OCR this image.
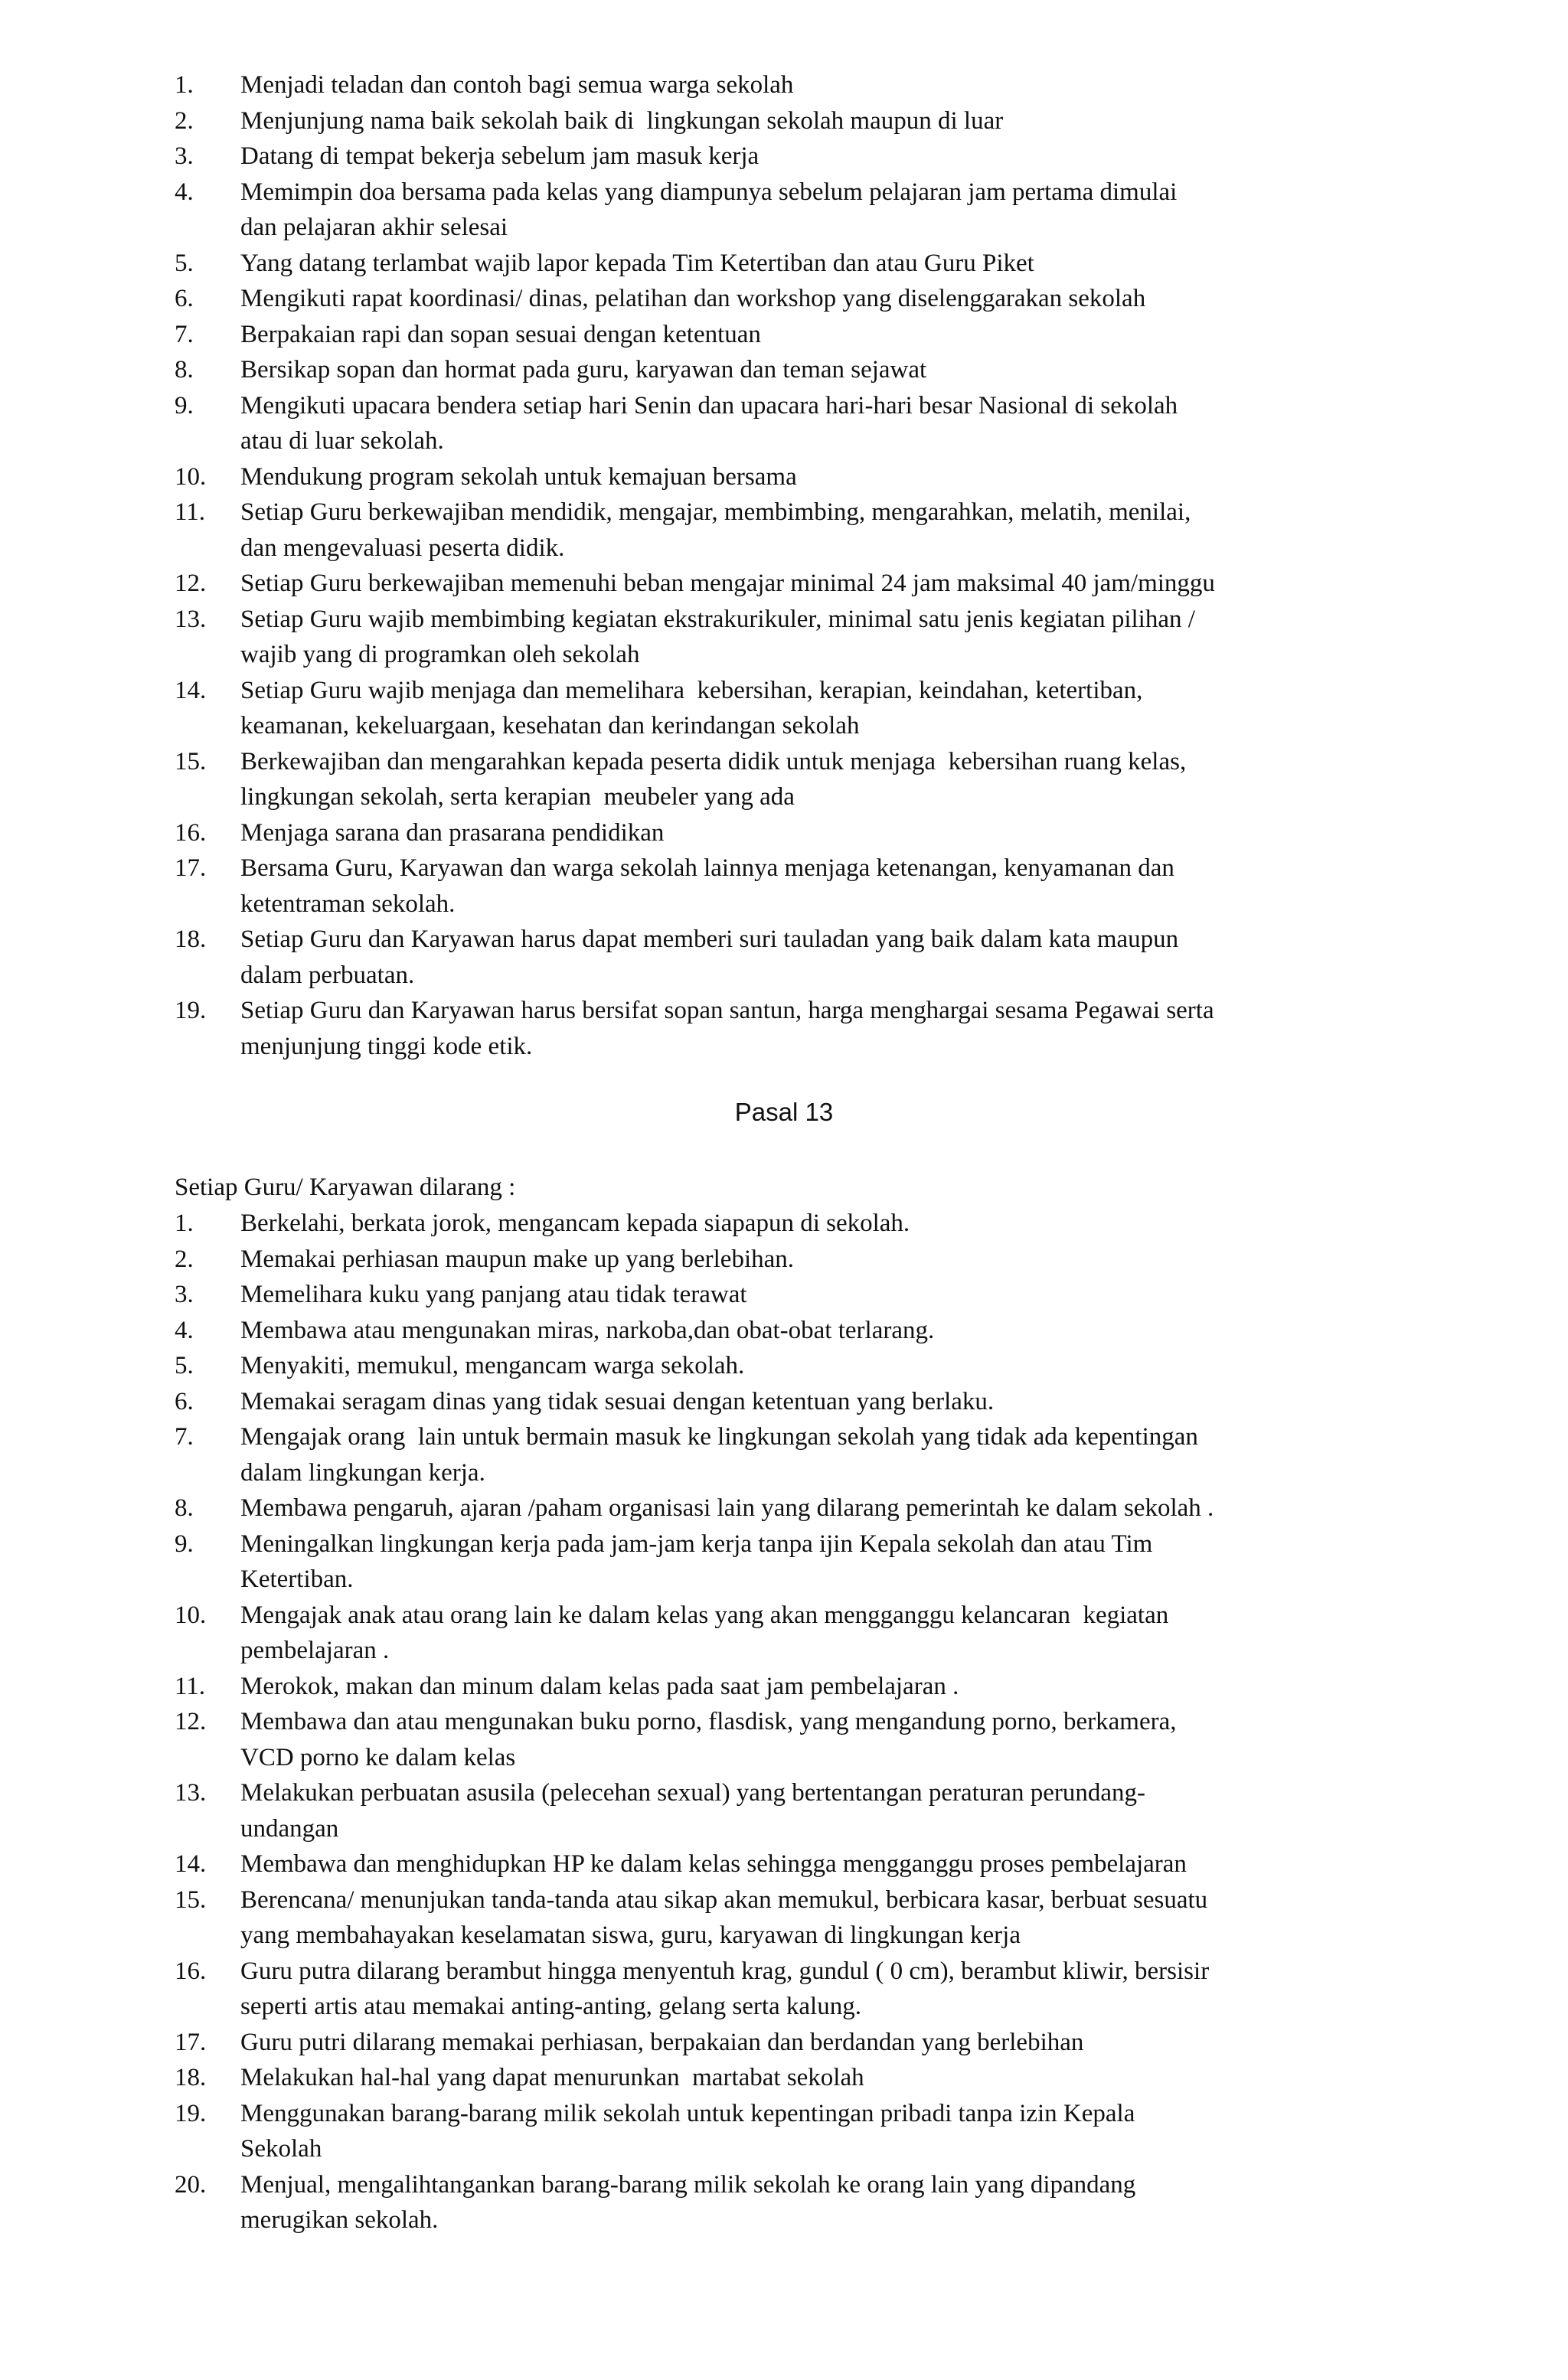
1. Menjadi teladan dan contoh bagi semua warga sekolah
2. Menjunjung nama baik sekolah baik di  lingkungan sekolah maupun di luar
3. Datang di tempat bekerja sebelum jam masuk kerja
4. Memimpin doa bersama pada kelas yang diampunya sebelum pelajaran jam pertama dimulai
dan pelajaran akhir selesai
5. Yang datang terlambat wajib lapor kepada Tim Ketertiban dan atau Guru Piket
6. Mengikuti rapat koordinasi/ dinas, pelatihan dan workshop yang diselenggarakan sekolah
7. Berpakaian rapi dan sopan sesuai dengan ketentuan
8. Bersikap sopan dan hormat pada guru, karyawan dan teman sejawat
9. Mengikuti upacara bendera setiap hari Senin dan upacara hari-hari besar Nasional di sekolah
atau di luar sekolah.
10. Mendukung program sekolah untuk kemajuan bersama
11. Setiap Guru berkewajiban mendidik, mengajar, membimbing, mengarahkan, melatih, menilai,
dan mengevaluasi peserta didik.
12. Setiap Guru berkewajiban memenuhi beban mengajar minimal 24 jam maksimal 40 jam/minggu
13. Setiap Guru wajib membimbing kegiatan ekstrakurikuler, minimal satu jenis kegiatan pilihan /
wajib yang di programkan oleh sekolah
14. Setiap Guru wajib menjaga dan memelihara  kebersihan, kerapian, keindahan, ketertiban,
keamanan, kekeluargaan, kesehatan dan kerindangan sekolah
15. Berkewajiban dan mengarahkan kepada peserta didik untuk menjaga  kebersihan ruang kelas,
lingkungan sekolah, serta kerapian  meubeler yang ada
16. Menjaga sarana dan prasarana pendidikan
17. Bersama Guru, Karyawan dan warga sekolah lainnya menjaga ketenangan, kenyamanan dan
ketentraman sekolah.
18. Setiap Guru dan Karyawan harus dapat memberi suri tauladan yang baik dalam kata maupun
dalam perbuatan.
19. Setiap Guru dan Karyawan harus bersifat sopan santun, harga menghargai sesama Pegawai serta
menjunjung tinggi kode etik.
Pasal 13
Setiap Guru/ Karyawan dilarang :
1. Berkelahi, berkata jorok, mengancam kepada siapapun di sekolah.
2. Memakai perhiasan maupun make up yang berlebihan.
3. Memelihara kuku yang panjang atau tidak terawat
4. Membawa atau mengunakan miras, narkoba,dan obat-obat terlarang.
5. Menyakiti, memukul, mengancam warga sekolah.
6. Memakai seragam dinas yang tidak sesuai dengan ketentuan yang berlaku.
7. Mengajak orang  lain untuk bermain masuk ke lingkungan sekolah yang tidak ada kepentingan
dalam lingkungan kerja.
8. Membawa pengaruh, ajaran /paham organisasi lain yang dilarang pemerintah ke dalam sekolah .
9. Meningalkan lingkungan kerja pada jam-jam kerja tanpa ijin Kepala sekolah dan atau Tim
Ketertiban.
10. Mengajak anak atau orang lain ke dalam kelas yang akan mengganggu kelancaran  kegiatan
pembelajaran .
11. Merokok, makan dan minum dalam kelas pada saat jam pembelajaran .
12. Membawa dan atau mengunakan buku porno, flasdisk, yang mengandung porno, berkamera,
VCD porno ke dalam kelas
13. Melakukan perbuatan asusila (pelecehan sexual) yang bertentangan peraturan perundang-
undangan
14. Membawa dan menghidupkan HP ke dalam kelas sehingga mengganggu proses pembelajaran
15. Berencana/ menunjukan tanda-tanda atau sikap akan memukul, berbicara kasar, berbuat sesuatu
yang membahayakan keselamatan siswa, guru, karyawan di lingkungan kerja
16. Guru putra dilarang berambut hingga menyentuh krag, gundul ( 0 cm), berambut kliwir, bersisir
seperti artis atau memakai anting-anting, gelang serta kalung.
17. Guru putri dilarang memakai perhiasan, berpakaian dan berdandan yang berlebihan
18. Melakukan hal-hal yang dapat menurunkan  martabat sekolah
19. Menggunakan barang-barang milik sekolah untuk kepentingan pribadi tanpa izin Kepala
Sekolah
20. Menjual, mengalihtangankan barang-barang milik sekolah ke orang lain yang dipandang
merugikan sekolah.
